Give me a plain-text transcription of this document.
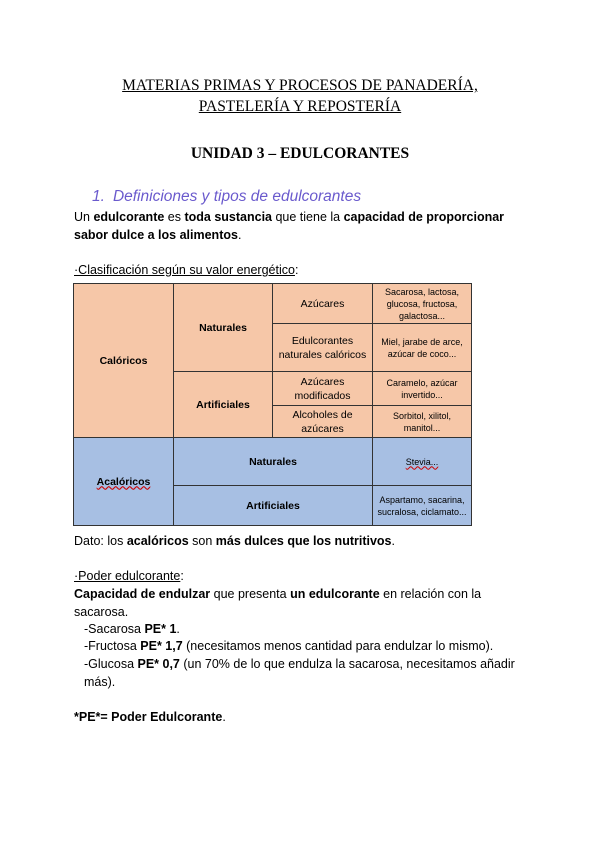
MATERIAS PRIMAS Y PROCESOS DE PANADERÍA,
PASTELERÍA Y REPOSTERÍA
UNIDAD 3 – EDULCORANTES
1. Definiciones y tipos de edulcorantes
Un edulcorante es toda sustancia que tiene la capacidad de proporcionar sabor dulce a los alimentos.
·Clasificación según su valor energético:
Calóricos	Naturales	Azúcares	Sacarosa, lactosa, glucosa, fructosa, galactosa...
		Edulcorantes naturales calóricos	Miel, jarabe de arce, azúcar de coco...
	Artificiales	Azúcares modificados	Caramelo, azúcar invertido...
		Alcoholes de azúcares	Sorbitol, xilitol, manitol...
Acalóricos	Naturales		Stevia...
	Artificiales		Aspartamo, sacarina, sucralosa, ciclamato...
Dato: los acalóricos son más dulces que los nutritivos.
·Poder edulcorante:
Capacidad de endulzar que presenta un edulcorante en relación con la sacarosa.
-Sacarosa PE* 1.
-Fructosa PE* 1,7 (necesitamos menos cantidad para endulzar lo mismo).
-Glucosa PE* 0,7 (un 70% de lo que endulza la sacarosa, necesitamos añadir más).
*PE*= Poder Edulcorante.
